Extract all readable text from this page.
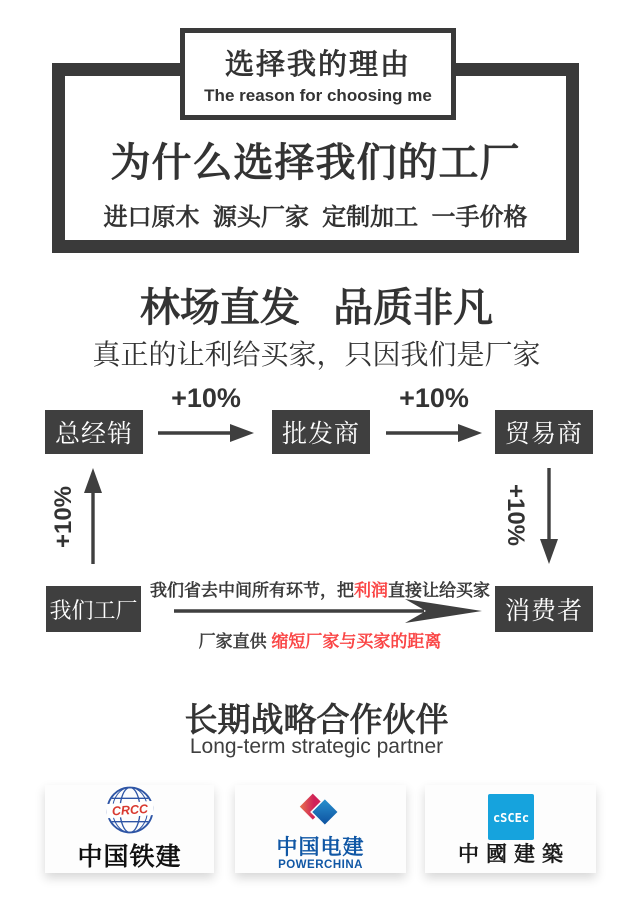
选择我的理由
The reason for choosing me
为什么选择我们的工厂
进口原木  源头厂家  定制加工  一手价格
林场直发   品质非凡
真正的让利给买家，只因我们是厂家
总经销
+10%
批发商
+10%
贸易商
+10%	+10%
我们工厂
我们省去中间所有环节，把利润直接让给买家
厂家直供 缩短厂家与买家的距离
消费者
长期战略合作伙伴
Long-term strategic partner
CRCC
中国铁建	中国电建
POWERCHINA
cSCEc
中國建築
